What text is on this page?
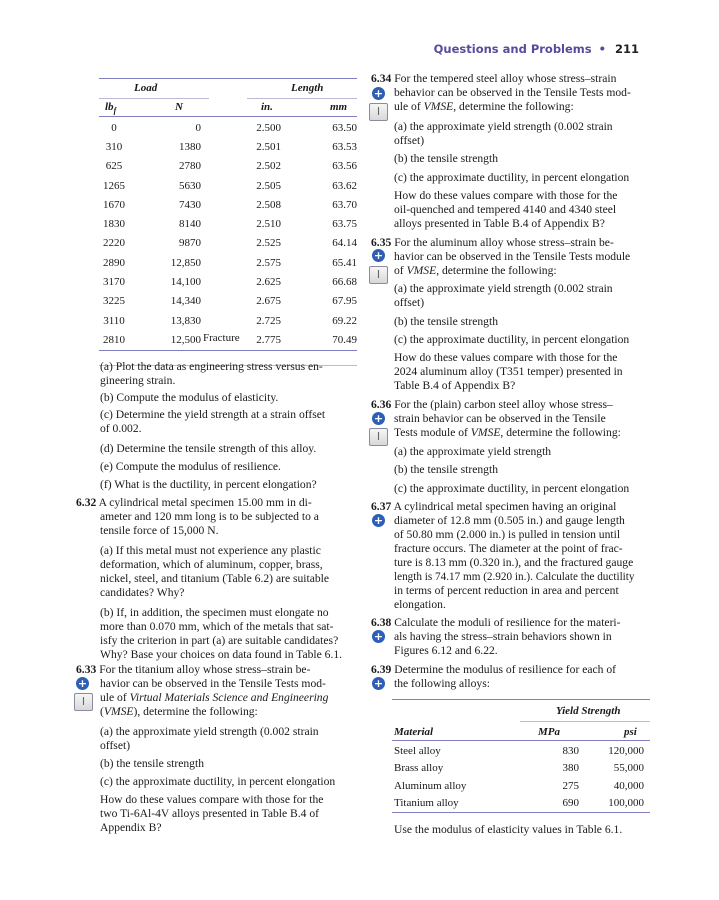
Questions and Problems • 211
Load	Length
$lb_f$	N	in.	mm
0	0	2.500	63.50
310	1380	2.501	63.53
625	2780	2.502	63.56
1265	5630	2.505	63.62
1670	7430	2.508	63.70
1830	8140	2.510	63.75
2220	9870	2.525	64.14
2890	12,850	2.575	65.41
3170	14,100	2.625	66.68
3225	14,340	2.675	67.95
3110	13,830	2.725	69.22
2810	12,500	2.775	70.49
Fracture

(a) Plot the data as engineering stress versus en-

gineering strain.

(b) Compute the modulus of elasticity.

(c) Determine the yield strength at a strain offset

of 0.002.

(d) Determine the tensile strength of this alloy.

(e) Compute the modulus of resilience.

(f) What is the ductility, in percent elongation?

6.32 A cylindrical metal specimen 15.00 mm in di-

ameter and 120 mm long is to be subjected to a

tensile force of 15,000 N.

(a) If this metal must not experience any plastic

deformation, which of aluminum, copper, brass,

nickel, steel, and titanium (Table 6.2) are suitable

candidates? Why?

(b) If, in addition, the specimen must elongate no

more than 0.070 mm, which of the metals that sat-

isfy the criterion in part (a) are suitable candidates?

Why? Base your choices on data found in Table 6.1.

+
I

6.33 For the titanium alloy whose stress–strain be-

havior can be observed in the Tensile Tests mod-

ule of Virtual Materials Science and Engineering

(VMSE), determine the following:

(a) the approximate yield strength (0.002 strain

offset)

(b) the tensile strength

(c) the approximate ductility, in percent elongation

How do these values compare with those for the

two Ti-6Al-4V alloys presented in Table B.4 of

Appendix B?

+
I

6.34 For the tempered steel alloy whose stress–strain

behavior can be observed in the Tensile Tests mod-

ule of VMSE, determine the following:

(a) the approximate yield strength (0.002 strain

offset)

(b) the tensile strength

(c) the approximate ductility, in percent elongation

How do these values compare with those for the

oil-quenched and tempered 4140 and 4340 steel

alloys presented in Table B.4 of Appendix B?

+
I

6.35 For the aluminum alloy whose stress–strain be-

havior can be observed in the Tensile Tests module

of VMSE, determine the following:

(a) the approximate yield strength (0.002 strain

offset)

(b) the tensile strength

(c) the approximate ductility, in percent elongation

How do these values compare with those for the

2024 aluminum alloy (T351 temper) presented in

Table B.4 of Appendix B?

+
I

6.36 For the (plain) carbon steel alloy whose stress–

strain behavior can be observed in the Tensile

Tests module of VMSE, determine the following:

(a) the approximate yield strength

(b) the tensile strength

(c) the approximate ductility, in percent elongation

+

6.37 A cylindrical metal specimen having an original

diameter of 12.8 mm (0.505 in.) and gauge length

of 50.80 mm (2.000 in.) is pulled in tension until

fracture occurs. The diameter at the point of frac-

ture is 8.13 mm (0.320 in.), and the fractured gauge

length is 74.17 mm (2.920 in.). Calculate the ductility

in terms of percent reduction in area and percent

elongation.

+

6.38 Calculate the moduli of resilience for the materi-

als having the stress–strain behaviors shown in

Figures 6.12 and 6.22.

+

6.39 Determine the modulus of resilience for each of

the following alloys:

Yield Strength
Material	MPa	psi
Steel alloy	830	120,000
Brass alloy	380	55,000
Aluminum alloy	275	40,000
Titanium alloy	690	100,000
Use the modulus of elasticity values in Table 6.1.
